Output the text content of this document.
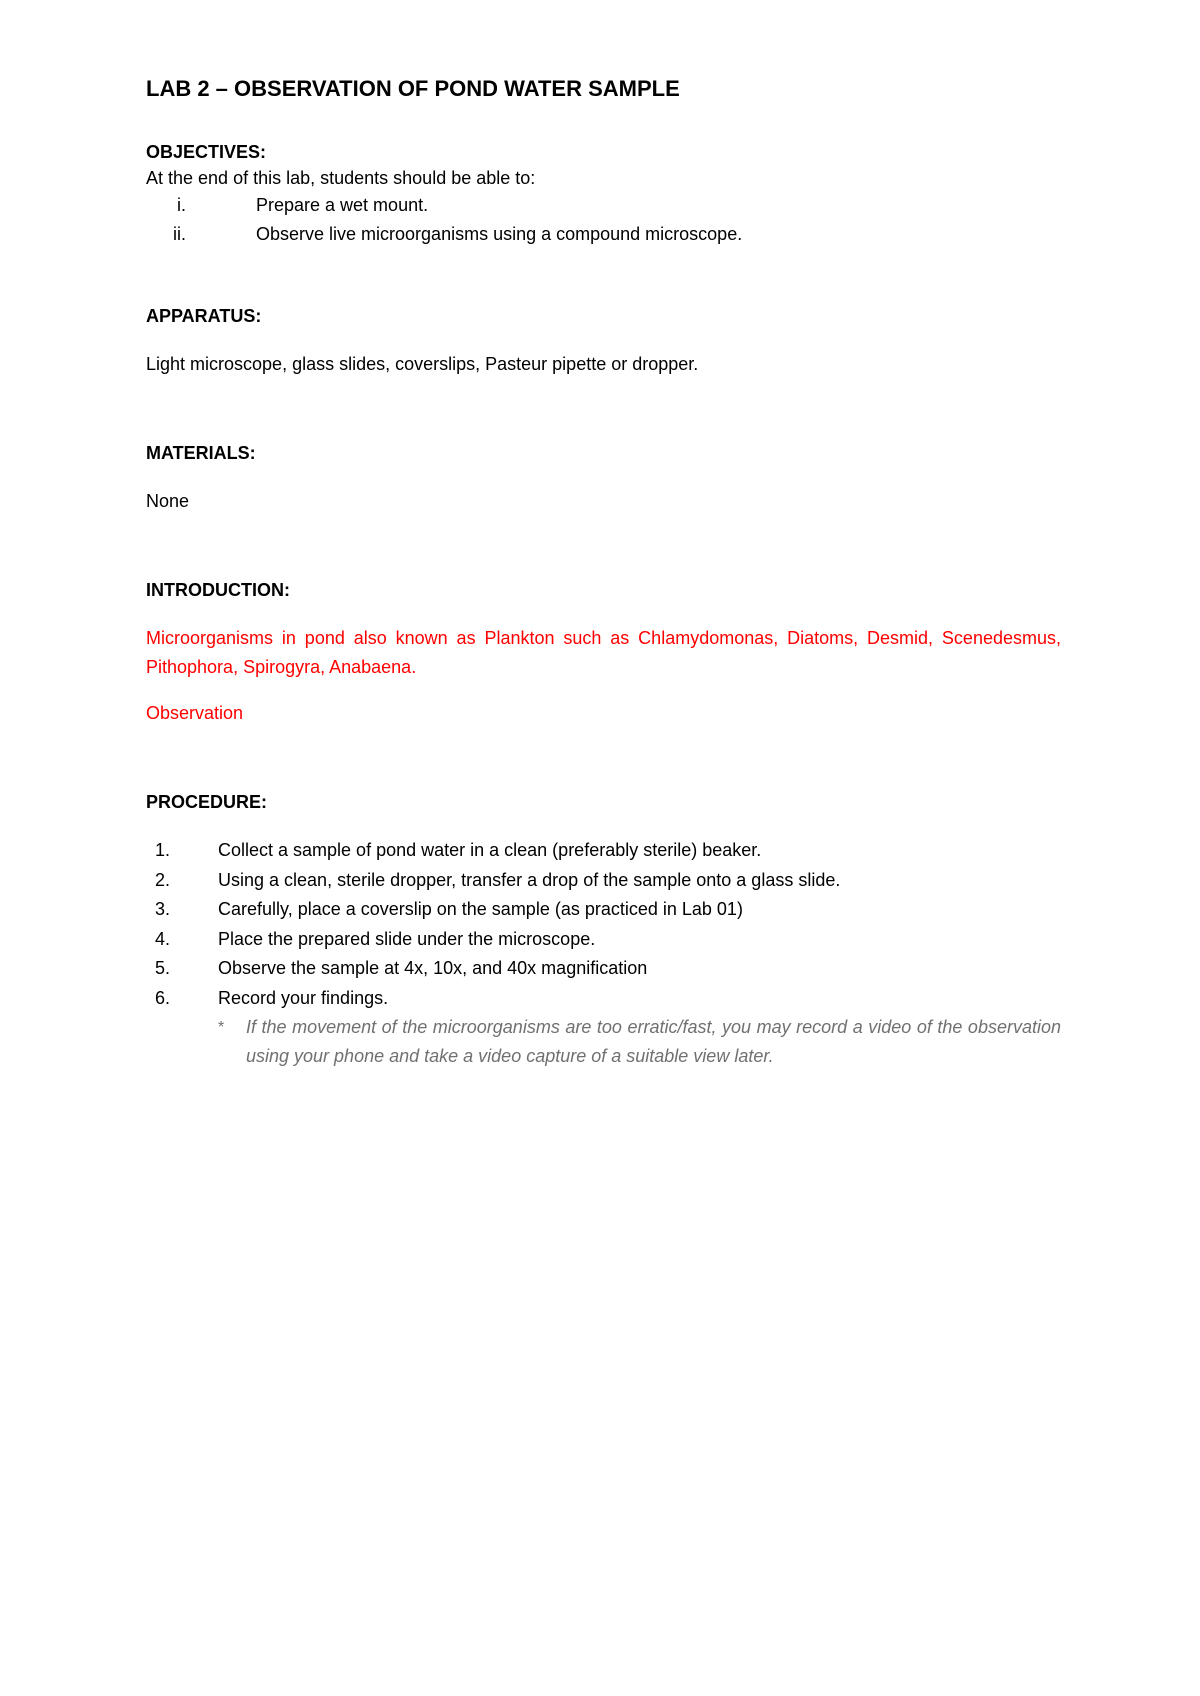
LAB 2 – OBSERVATION OF POND WATER SAMPLE
OBJECTIVES:
At the end of this lab, students should be able to:
i.	Prepare a wet mount.
ii.	Observe live microorganisms using a compound microscope.
APPARATUS:
Light microscope, glass slides, coverslips, Pasteur pipette or dropper.
MATERIALS:
None
INTRODUCTION:
Microorganisms in pond also known as Plankton such as Chlamydomonas, Diatoms, Desmid, Scenedesmus, Pithophora, Spirogyra, Anabaena.
Observation
PROCEDURE:
1.	Collect a sample of pond water in a clean (preferably sterile) beaker.
2.	Using a clean, sterile dropper, transfer a drop of the sample onto a glass slide.
3.	Carefully, place a coverslip on the sample (as practiced in Lab 01)
4.	Place the prepared slide under the microscope.
5.	Observe the sample at 4x, 10x, and 40x magnification
6.	Record your findings.
*	If the movement of the microorganisms are too erratic/fast, you may record a video of the observation using your phone and take a video capture of a suitable view later.
